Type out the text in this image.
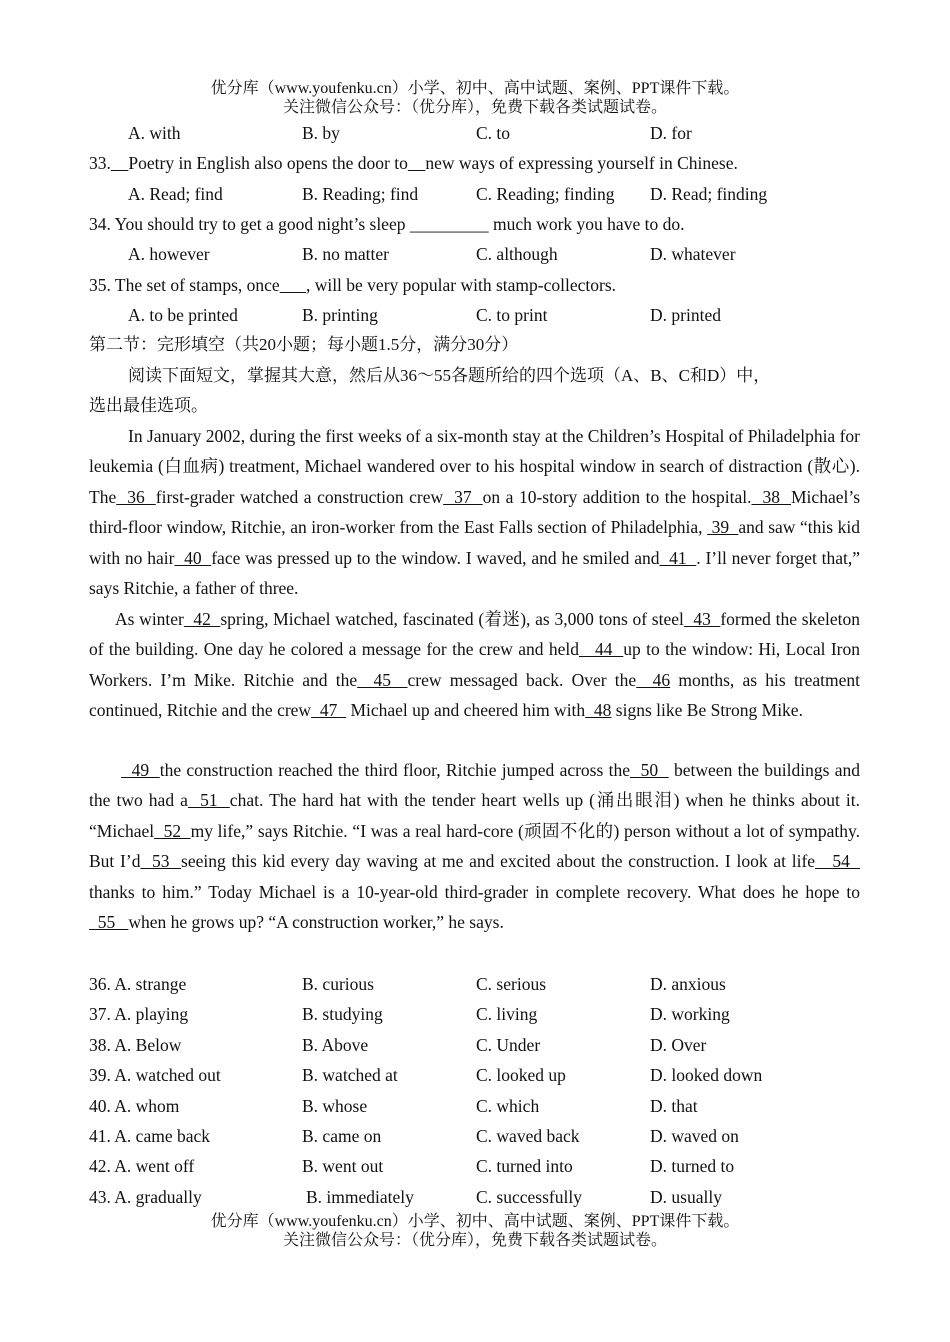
优分库（www.youfenku.cn）小学、初中、高中试题、案例、PPT课件下载。
关注微信公众号：（优分库），免费下载各类试题试卷。
A. with	B. by	C. to	D. for
33. Poetry in English also opens the door to new ways of expressing yourself in Chinese.
A. Read; find	B. Reading; find	C. Reading; finding D. Read; finding
34. You should try to get a good night’s sleep _________ much work you have to do.
A. however	B. no matter	C. although	D. whatever
35. The set of stamps, once , will be very popular with stamp-collectors.
A. to be printed	B. printing	C. to print	D. printed
第二节：完形填空（共20小题；每小题1.5分，满分30分）
阅读下面短文，掌握其大意，然后从36～55各题所给的四个选项（A、B、C和D）中，
选出最佳选项。
In January 2002, during the first weeks of a six-month stay at the Children’s Hospital of Philadelphia for leukemia (白血病) treatment, Michael wandered over to his hospital window in search of distraction (散心). The  36  first-grader watched a construction crew  37  on a 10-story addition to the hospital.  38  Michael’s third-floor window, Ritchie, an iron-worker from the East Falls section of Philadelphia,  39  and saw “this kid with no hair  40  face was pressed up to the window. I waved, and he smiled and  41  . I’ll never forget that,” says Ritchie, a father of three.
As winter  42  spring, Michael watched, fascinated (着迷), as 3,000 tons of steel  43  formed the skeleton of the building. One day he colored a message for the crew and held   44  up to the window: Hi, Local Iron Workers. I’m Mike. Ritchie and the  45  crew messaged back. Over the  46 months, as his treatment continued, Ritchie and the crew  47   Michael up and cheered him with  48 signs like Be Strong Mike.
49  the construction reached the third floor, Ritchie jumped across the  50   between the buildings and the two had a  51  chat. The hard hat with the tender heart wells up (涌出眼泪) when he thinks about it. “Michael  52  my life,” says Ritchie. “I was a real hard-core (顽固不化的) person without a lot of sympathy. But I’d  53  seeing this kid every day waving at me and excited about the construction. I look at life   54   thanks to him.” Today Michael is a 10-year-old third-grader in complete recovery. What does he hope to  55   when he grows up? “A construction worker,” he says.
36. A. strange	B. curious	C. serious	D. anxious
37. A. playing	B. studying	C. living	D. working
38. A. Below	B. Above	C. Under	D. Over
39. A. watched out	B. watched at	C. looked up	D. looked down
40. A. whom	B. whose	C. which	D. that
41. A. came back	B. came on	C. waved back	D. waved on
42. A. went off	B. went out	C. turned into	D. turned to
43. A. gradually	B. immediately	C. successfully	D. usually
优分库（www.youfenku.cn）小学、初中、高中试题、案例、PPT课件下载。
关注微信公众号：（优分库），免费下载各类试题试卷。
